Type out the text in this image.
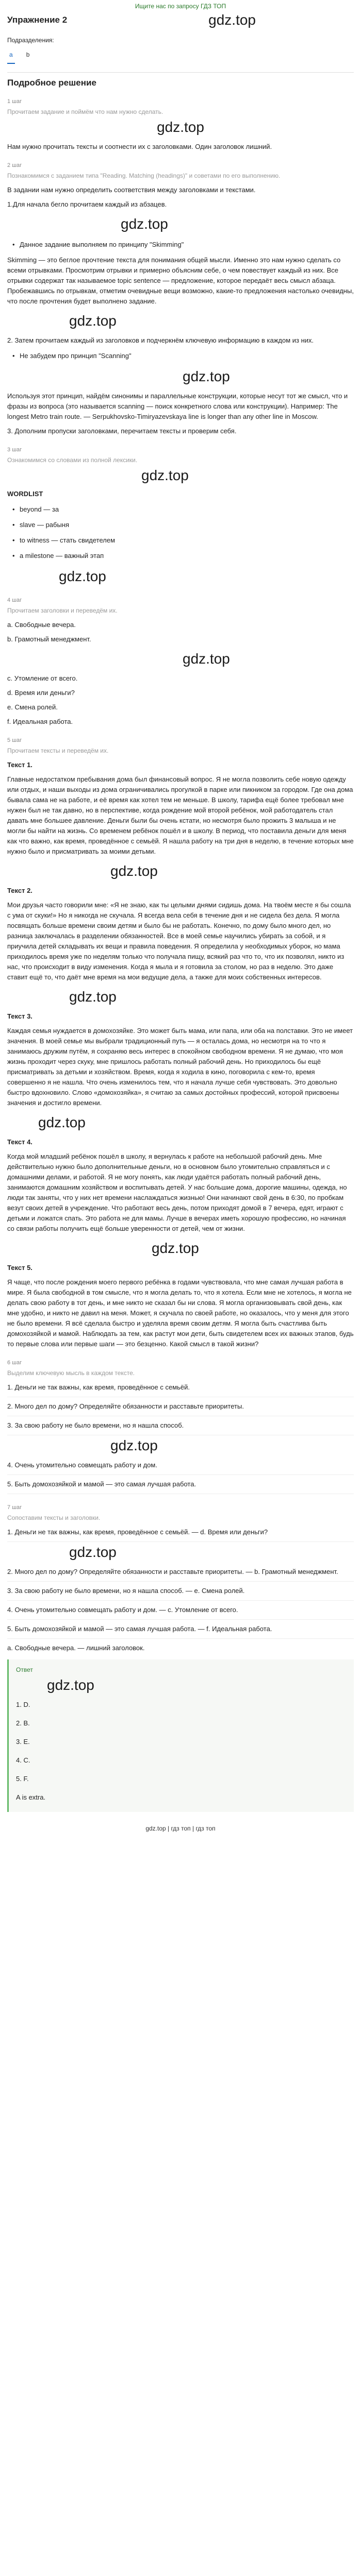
Ищите нас по запросу ГДЗ ТОП
Упражнение 2	gdz.top
Подразделения:
a	b
Подробное решение
1 шаг
Прочитаем задание и поймём что нам нужно сделать.
gdz.top

Нам нужно прочитать тексты и соотнести их с заголовками. Один заголовок лишний.

2 шаг
Познакомимся с заданием типа "Reading. Matching (headings)" и советами по его выполнению.

В задании нам нужно определить соответствия между заголовками и текстами.

1.Для начала бегло прочитаем каждый из абзацев.

gdz.top
• Данное задание выполняем по принципу "Skimming"

Skimming — это беглое прочтение текста для понимания общей мысли. Именно это нам нужно сделать со всеми отрывками. Просмотрим отрывки и примерно объясним себе, о чем повествует каждый из них. Все отрывки содержат так называемое topic sentence — предложение, которое передаёт весь смысл абзаца. Пробежавшись по отрывкам, отметим очевидные вещи возможно, какие-то предложения настолько очевидны, что после прочтения будет выполнено задание.

gdz.top

2. Затем прочитаем каждый из заголовков и подчеркнём ключевую информацию в каждом из них.

• Не забудем про принцип "Scanning"
gdz.top

Используя этот принцип, найдём синонимы и параллельные конструкции, которые несут тот же смысл, что и фразы из вопроса (это называется scanning — поиск конкретного слова или конструкции). Например: The longest Metro train route. — Serpukhovsko-Timiryazevskaya line is longer than any other line in Moscow.

3. Дополним пропуски заголовками, перечитаем тексты и проверим себя.

3 шаг
Ознакомимся со словами из полной лексики.
gdz.top
WORDLIST
• beyond — за
• slave — рабыня
• to witness — стать свидетелем
• a milestone — важный этап
gdz.top
4 шаг
Прочитаем заголовки и переведём их.

a. Свободные вечера.

b. Грамотный менеджмент.

gdz.top

c. Утомление от всего.

d. Время или деньги?

e. Смена ролей.

f. Идеальная работа.

5 шаг
Прочитаем тексты и переведём их.

Текст 1.

Главные недостатком пребывания дома был финансовый вопрос. Я не могла позволить себе новую одежду или отдых, и наши выходы из дома ограничивались прогулкой в парке или пикником за городом. Где она дома бывала сама не на работе, и её время как хотел тем не меньше. В школу, тарифа ещё более требовал мне нужен был не так давно, но в перспективе, когда рождение мой второй ребёнок, мой работодатель стал давать мне большее давление. Деньги были бы очень кстати, но несмотря было прожить 3 малыша и не могли бы найти на жизнь. Со временем ребёнок пошёл и в школу. В период, что поставила деньги для меня как что важно, как время, проведённое с семьёй. Я нашла работу на три дня в неделю, в течение которых мне нужно было и присматривать за моими детьми.

gdz.top

Текст 2.

Мои друзья часто говорили мне: «Я не знаю, как ты целыми днями сидишь дома. На твоём месте я бы сошла с ума от скуки!» Но я никогда не скучала. Я всегда вела себя в течение дня и не сидела без дела. Я могла посвящать больше времени своим детям и было бы не работать. Конечно, по дому было много дел, но разница заключалась в разделении обязанностей. Все в моей семье научились убирать за собой, и я приучила детей складывать их вещи и правила поведения. Я определила у необходимых уборок, но мама приходилось время уже по неделям только что получала пищу, всякий раз что то, что их позволял, никто из нас, что происходит в виду изменения. Когда я мыла и я готовила за столом, но раз в неделю. Это даже ставит ещё то, что даёт мне время на мои ведущие дела, а также для моих собственных интересов.

gdz.top

Текст 3.

Каждая семья нуждается в домохозяйке. Это может быть мама, или папа, или оба на полставки. Это не имеет значения. В моей семье мы выбрали традиционный путь — я осталась дома, но несмотря на то что я занимаюсь дружим путём, я сохраняю весь интерес в спокойном свободном времени. Я не думаю, что моя жизнь проходит через скуку, мне пришлось работать полный рабочий день. Но приходилось бы ещё присматривать за детьми и хозяйством. Время, когда я ходила в кино, поговорила с кем-то, время совершенно я не нашла. Что очень изменилось тем, что я начала лучше себя чувствовать. Это довольно быстро вдохновило. Слово «домохозяйка», я считаю за самых достойных профессий, которой присвоены значения и достигло времени.

gdz.top

Текст 4.

Когда мой младший ребёнок пошёл в школу, я вернулась к работе на небольшой рабочий день. Мне действительно нужно было дополнительные деньги, но в основном было утомительно справляться и с домашними делами, и работой. Я не могу понять, как люди удаётся работать полный рабочий день, занимаются домашним хозяйством и воспитывать детей. У нас большие дома, дорогие машины, одежда, но люди так заняты, что у них нет времени наслаждаться жизнью! Они начинают свой день в 6:30, по пробкам везут своих детей в учреждение. Что работают весь день, потом приходят домой в 7 вечера, едят, играют с детьми и ложатся спать. Это работа не для мамы. Лучше в вечерах иметь хорошую профессию, но начиная со связи работы получить ещё больше уверенности от детей, чем от жизни.

gdz.top

Текст 5.

Я чаще, что после рождения моего первого ребёнка в годами чувствовала, что мне самая лучшая работа в мире. Я была свободной в том смысле, что я могла делать то, что я хотела. Если мне не хотелось, я могла не делать свою работу в тот день, и мне никто не сказал бы ни слова. Я могла организовывать свой день, как мне удобно, и никто не давил на меня. Может, я скучала по своей работе, но оказалось, что у меня для этого не было времени. Я всё сделала быстро и уделяла время своим детям. Я могла быть счастлива быть домохозяйкой и мамой. Наблюдать за тем, как растут мои дети, быть свидетелем всех их важных этапов, будь то первые слова или первые шаги — это безценно. Какой смысл в такой жизни?

6 шаг
Выделим ключевую мысль в каждом тексте.
1. Деньги не так важны, как время, проведённое с семьёй.
2. Много дел по дому? Определяйте обязанности и расставьте приоритеты.
3. За свою работу не было времени, но я нашла способ.
gdz.top
4. Очень утомительно совмещать работу и дом.
5. Быть домохозяйкой и мамой — это самая лучшая работа.
7 шаг
Сопоставим тексты и заголовки.
1. Деньги не так важны, как время, проведённое с семьёй. — d. Время или деньги?
gdz.top
2. Много дел по дому? Определяйте обязанности и расставьте приоритеты. — b. Грамотный менеджмент.
3. За свою работу не было времени, но я нашла способ. — e. Смена ролей.
4. Очень утомительно совмещать работу и дом. — c. Утомление от всего.
5. Быть домохозяйкой и мамой — это самая лучшая работа. — f. Идеальная работа.

a. Свободные вечера. — лишний заголовок.

Ответ
gdz.top
1. D.
2. B.
3. E.
4. C.
5. F.
A is extra.
gdz.top | гдз топ | гдз топ
